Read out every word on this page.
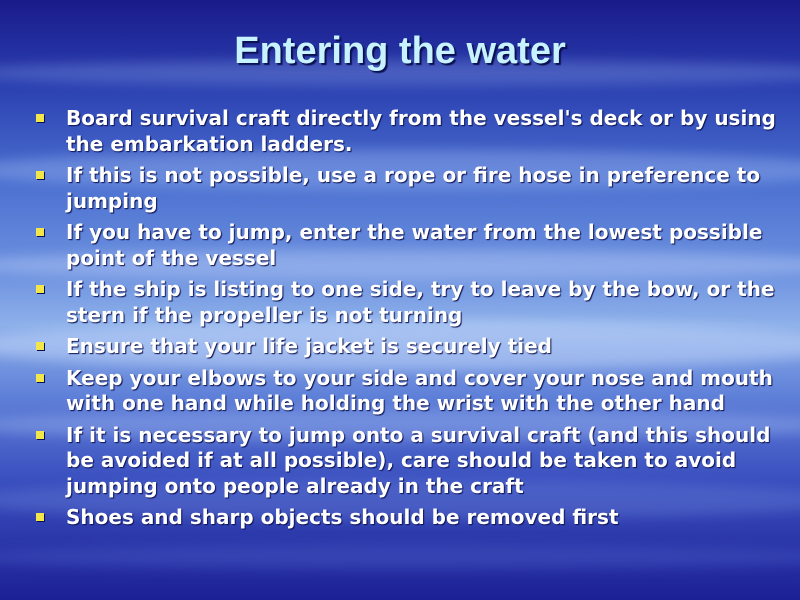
Entering the water
Board survival craft directly from the vessel's deck or by using the embarkation ladders.
If this is not possible, use a rope or fire hose in preference to jumping
If you have to jump, enter the water from the lowest possible point of the vessel
If the ship is listing to one side, try to leave by the bow, or the stern if the propeller is not turning
Ensure that your life jacket is securely tied
Keep your elbows to your side and cover your nose and mouth with one hand while holding the wrist with the other hand
If it is necessary to jump onto a survival craft (and this should be avoided if at all possible), care should be taken to avoid jumping onto people already in the craft
Shoes and sharp objects should be removed first
